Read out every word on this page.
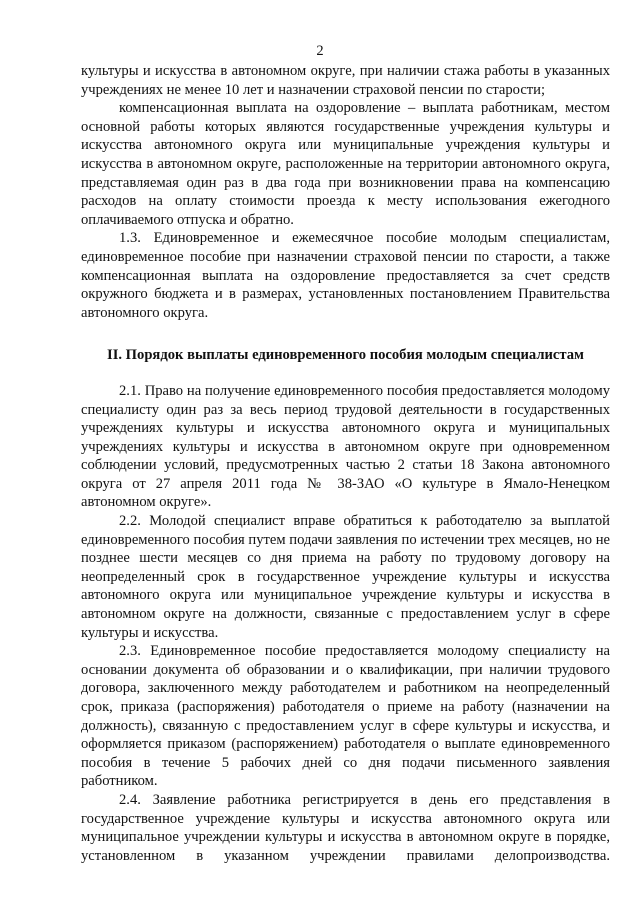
2

культуры и искусства в автономном округе, при наличии стажа работы в указанных учреждениях не менее 10 лет и назначении страховой пенсии по старости;

компенсационная выплата на оздоровление – выплата работникам, местом основной работы которых являются государственные учреждения культуры и искусства автономного округа или муниципальные учреждения культуры и искусства в автономном округе, расположенные на территории автономного округа, представляемая один раз в два года при возникновении права на компенсацию расходов на оплату стоимости проезда к месту использования ежегодного оплачиваемого отпуска и обратно.

1.3. Единовременное и ежемесячное пособие молодым специалистам, единовременное пособие при назначении страховой пенсии по старости, а также компенсационная выплата на оздоровление предоставляется за счет средств окружного бюджета и в размерах, установленных постановлением Правительства автономного округа.

II. Порядок выплаты единовременного пособия молодым специалистам

2.1. Право на получение единовременного пособия предоставляется молодому специалисту один раз за весь период трудовой деятельности в государственных учреждениях культуры и искусства автономного округа и муниципальных учреждениях культуры и искусства в автономном округе при одновременном соблюдении условий, предусмотренных частью 2 статьи 18 Закона автономного округа от 27 апреля 2011 года № 38-ЗАО «О культуре в Ямало-Ненецком автономном округе».

2.2. Молодой специалист вправе обратиться к работодателю за выплатой единовременного пособия путем подачи заявления по истечении трех месяцев, но не позднее шести месяцев со дня приема на работу по трудовому договору на неопределенный срок в государственное учреждение культуры и искусства автономного округа или муниципальное учреждение культуры и искусства в автономном округе на должности, связанные с предоставлением услуг в сфере культуры и искусства.

2.3. Единовременное пособие предоставляется молодому специалисту на основании документа об образовании и о квалификации, при наличии трудового договора, заключенного между работодателем и работником на неопределенный срок, приказа (распоряжения) работодателя о приеме на работу (назначении на должность), связанную с предоставлением услуг в сфере культуры и искусства, и оформляется приказом (распоряжением) работодателя о выплате единовременного пособия в течение 5 рабочих дней со дня подачи письменного заявления работником.

2.4. Заявление работника регистрируется в день его представления в государственное учреждение культуры и искусства автономного округа или муниципальное учреждении культуры и искусства в автономном округе в порядке, установленном в указанном учреждении правилами делопроизводства.
